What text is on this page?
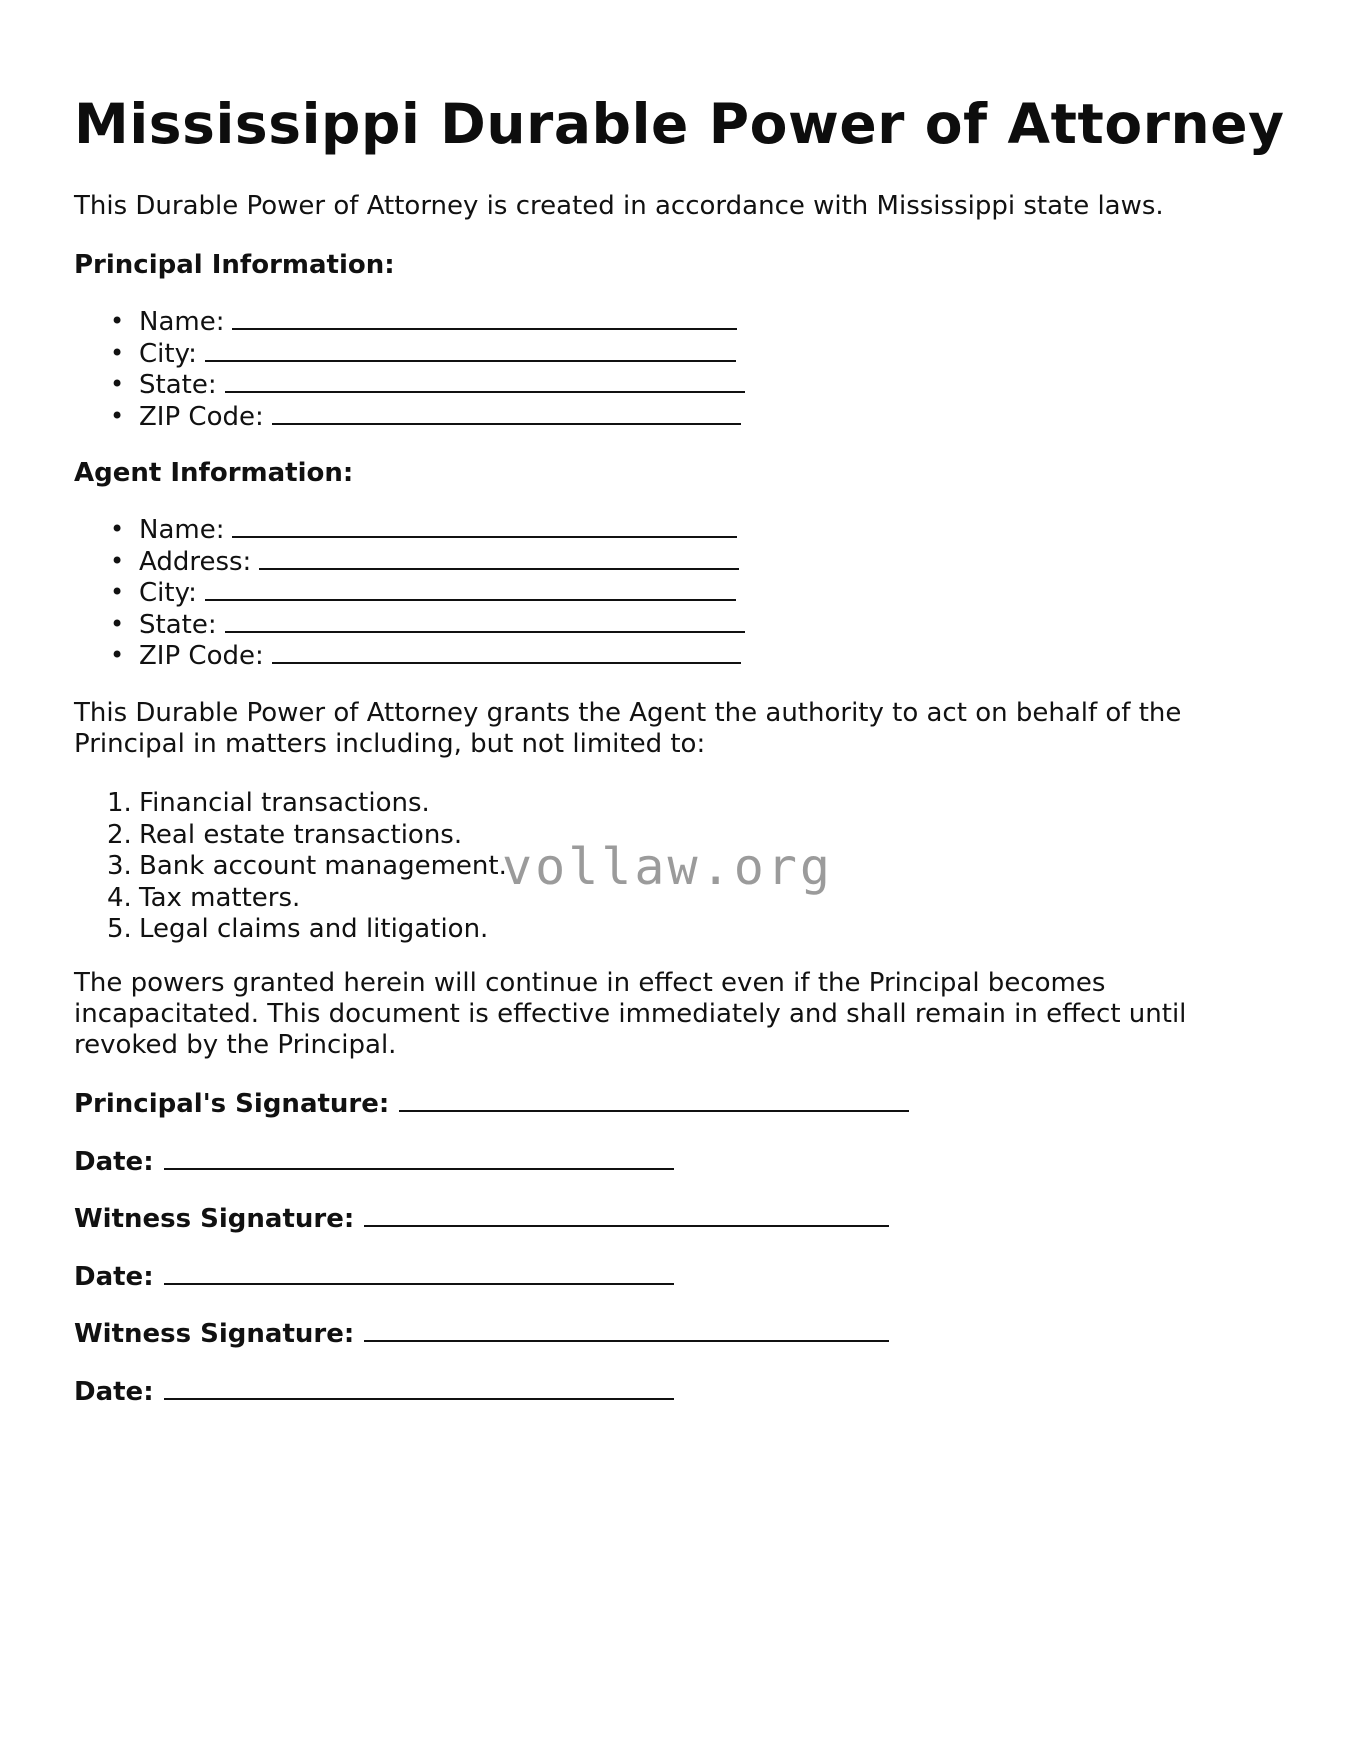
Mississippi Durable Power of Attorney

This Durable Power of Attorney is created in accordance with Mississippi state laws.

Principal Information:

• Name:
• City:
• State:
• ZIP Code:

Agent Information:

• Name:
• Address:
• City:
• State:
• ZIP Code:

This Durable Power of Attorney grants the Agent the authority to act on behalf of the
Principal in matters including, but not limited to:

1. Financial transactions.
2. Real estate transactions.
3. Bank account management.
4. Tax matters.
5. Legal claims and litigation.

The powers granted herein will continue in effect even if the Principal becomes
incapacitated. This document is effective immediately and shall remain in effect until
revoked by the Principal.

Principal's Signature:

Date:

Witness Signature:

Date:

Witness Signature:

Date:

vollaw.org
